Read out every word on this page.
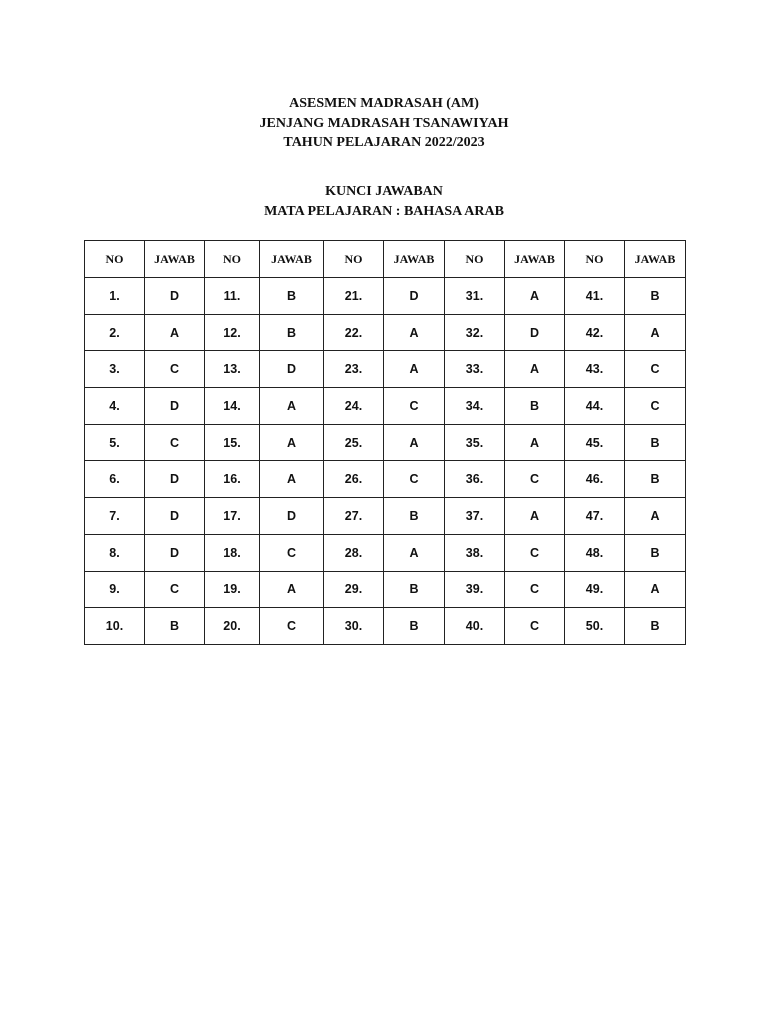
ASESMEN MADRASAH (AM)
JENJANG MADRASAH TSANAWIYAH
TAHUN PELAJARAN 2022/2023
KUNCI JAWABAN
MATA PELAJARAN : BAHASA ARAB
NO	JAWAB	NO	JAWAB	NO	JAWAB	NO	JAWAB	NO	JAWAB
1.	D	11.	B	21.	D	31.	A	41.	B
2.	A	12.	B	22.	A	32.	D	42.	A
3.	C	13.	D	23.	A	33.	A	43.	C
4.	D	14.	A	24.	C	34.	B	44.	C
5.	C	15.	A	25.	A	35.	A	45.	B
6.	D	16.	A	26.	C	36.	C	46.	B
7.	D	17.	D	27.	B	37.	A	47.	A
8.	D	18.	C	28.	A	38.	C	48.	B
9.	C	19.	A	29.	B	39.	C	49.	A
10.	B	20.	C	30.	B	40.	C	50.	B
